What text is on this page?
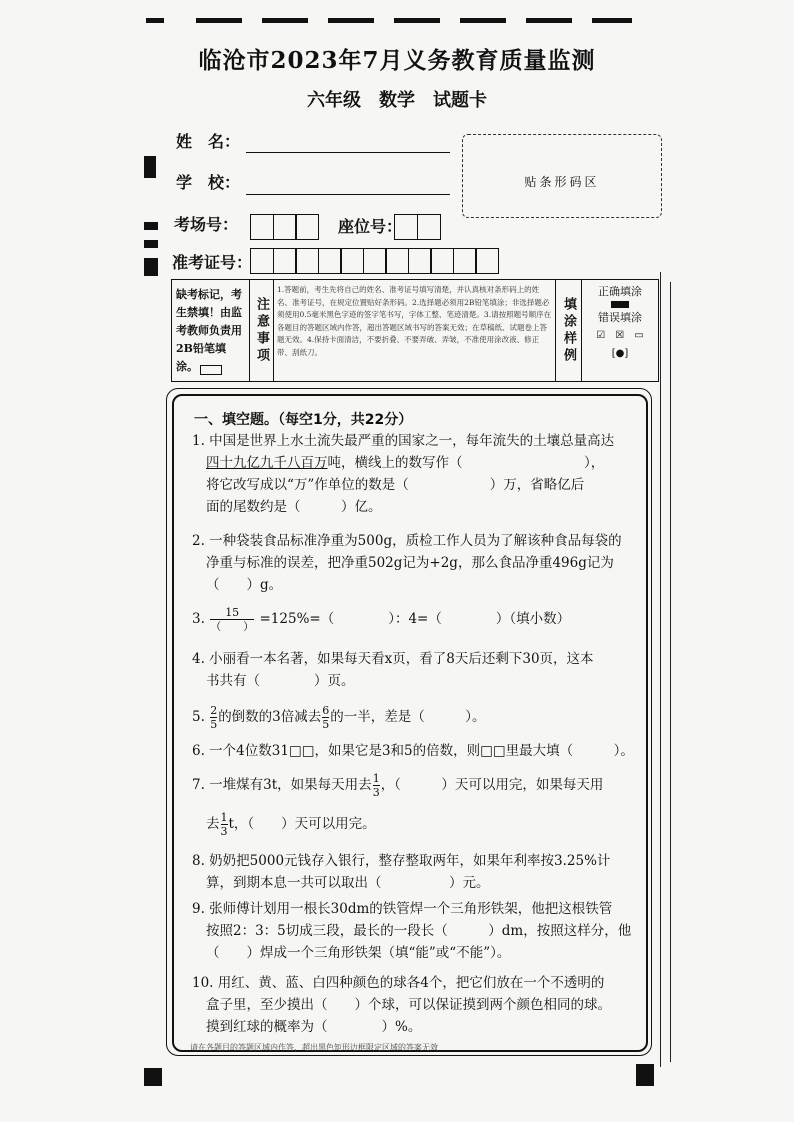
临沧市2023年7月义务教育质量监测
六年级　数学　试题卡
姓　名：
学　校：
考场号：	座位号：
准考证号：
贴条形码区
缺考标记，考生禁填！由监考教师负责用2B铅笔填涂。
注意事项
1.答题前，考生先将自己的姓名、准考证号填写清楚，并认真核对条形码上的姓名、准考证号，在规定位置贴好条形码。2.选择题必须用2B铅笔填涂；非选择题必须使用0.5毫米黑色字迹的签字笔书写，字体工整、笔迹清楚。3.请按照题号顺序在各题目的答题区域内作答，超出答题区域书写的答案无效；在草稿纸、试题卷上答题无效。4.保持卡面清洁，不要折叠、不要弄破、弄皱，不准使用涂改液、修正带、刮纸刀。	填涂样例
正确填涂
错误填涂
☑ ☒ ▭
[●]
一、填空题。（每空1分，共22分）
1. 中国是世界上水土流失最严重的国家之一，每年流失的土壤总量高达
四十九亿九千八百万吨，横线上的数写作（　　　　　　　　　），
将它改写成以“万”作单位的数是（　　　　　　）万，省略亿后
面的尾数约是（　　　）亿。
2. 一种袋装食品标准净重为500g，质检工作人员为了解该种食品每袋的
净重与标准的误差，把净重502g记为+2g，那么食品净重496g记为
（　　）g。
3. $\frac{15}{( )} =125\%=$（　　　　）：4=（　　　　）（填小数）
4. 小丽看一本名著，如果每天看x页，看了8天后还剩下30页，这本
书共有（　　　　）页。
5. $\frac{2}{5}$ 的倒数的3倍减去 $\frac{6}{5}$ 的一半，差是（　　　）。
6. 一个4位数31□□，如果它是3和5的倍数，则□□里最大填（　　　）。
7. 一堆煤有3t，如果每天用去 $\frac{1}{3}$ ，（　　　）天可以用完，如果每天用
去 $\frac{1}{3}$ t，（　　）天可以用完。
8. 奶奶把5000元钱存入银行，整存整取两年，如果年利率按3.25%计
算，到期本息一共可以取出（　　　　　）元。
9. 张师傅计划用一根长30dm的铁管焊一个三角形铁架，他把这根铁管
按照2：3：5切成三段，最长的一段长（　　　）dm，按照这样分，他
（　　）焊成一个三角形铁架（填“能”或“不能”）。
10. 用红、黄、蓝、白四种颜色的球各4个，把它们放在一个不透明的
盒子里，至少摸出（　　）个球，可以保证摸到两个颜色相同的球。
摸到红球的概率为（　　　　）%。
请在各题目的答题区域内作答，超出黑色矩形边框限定区域的答案无效
